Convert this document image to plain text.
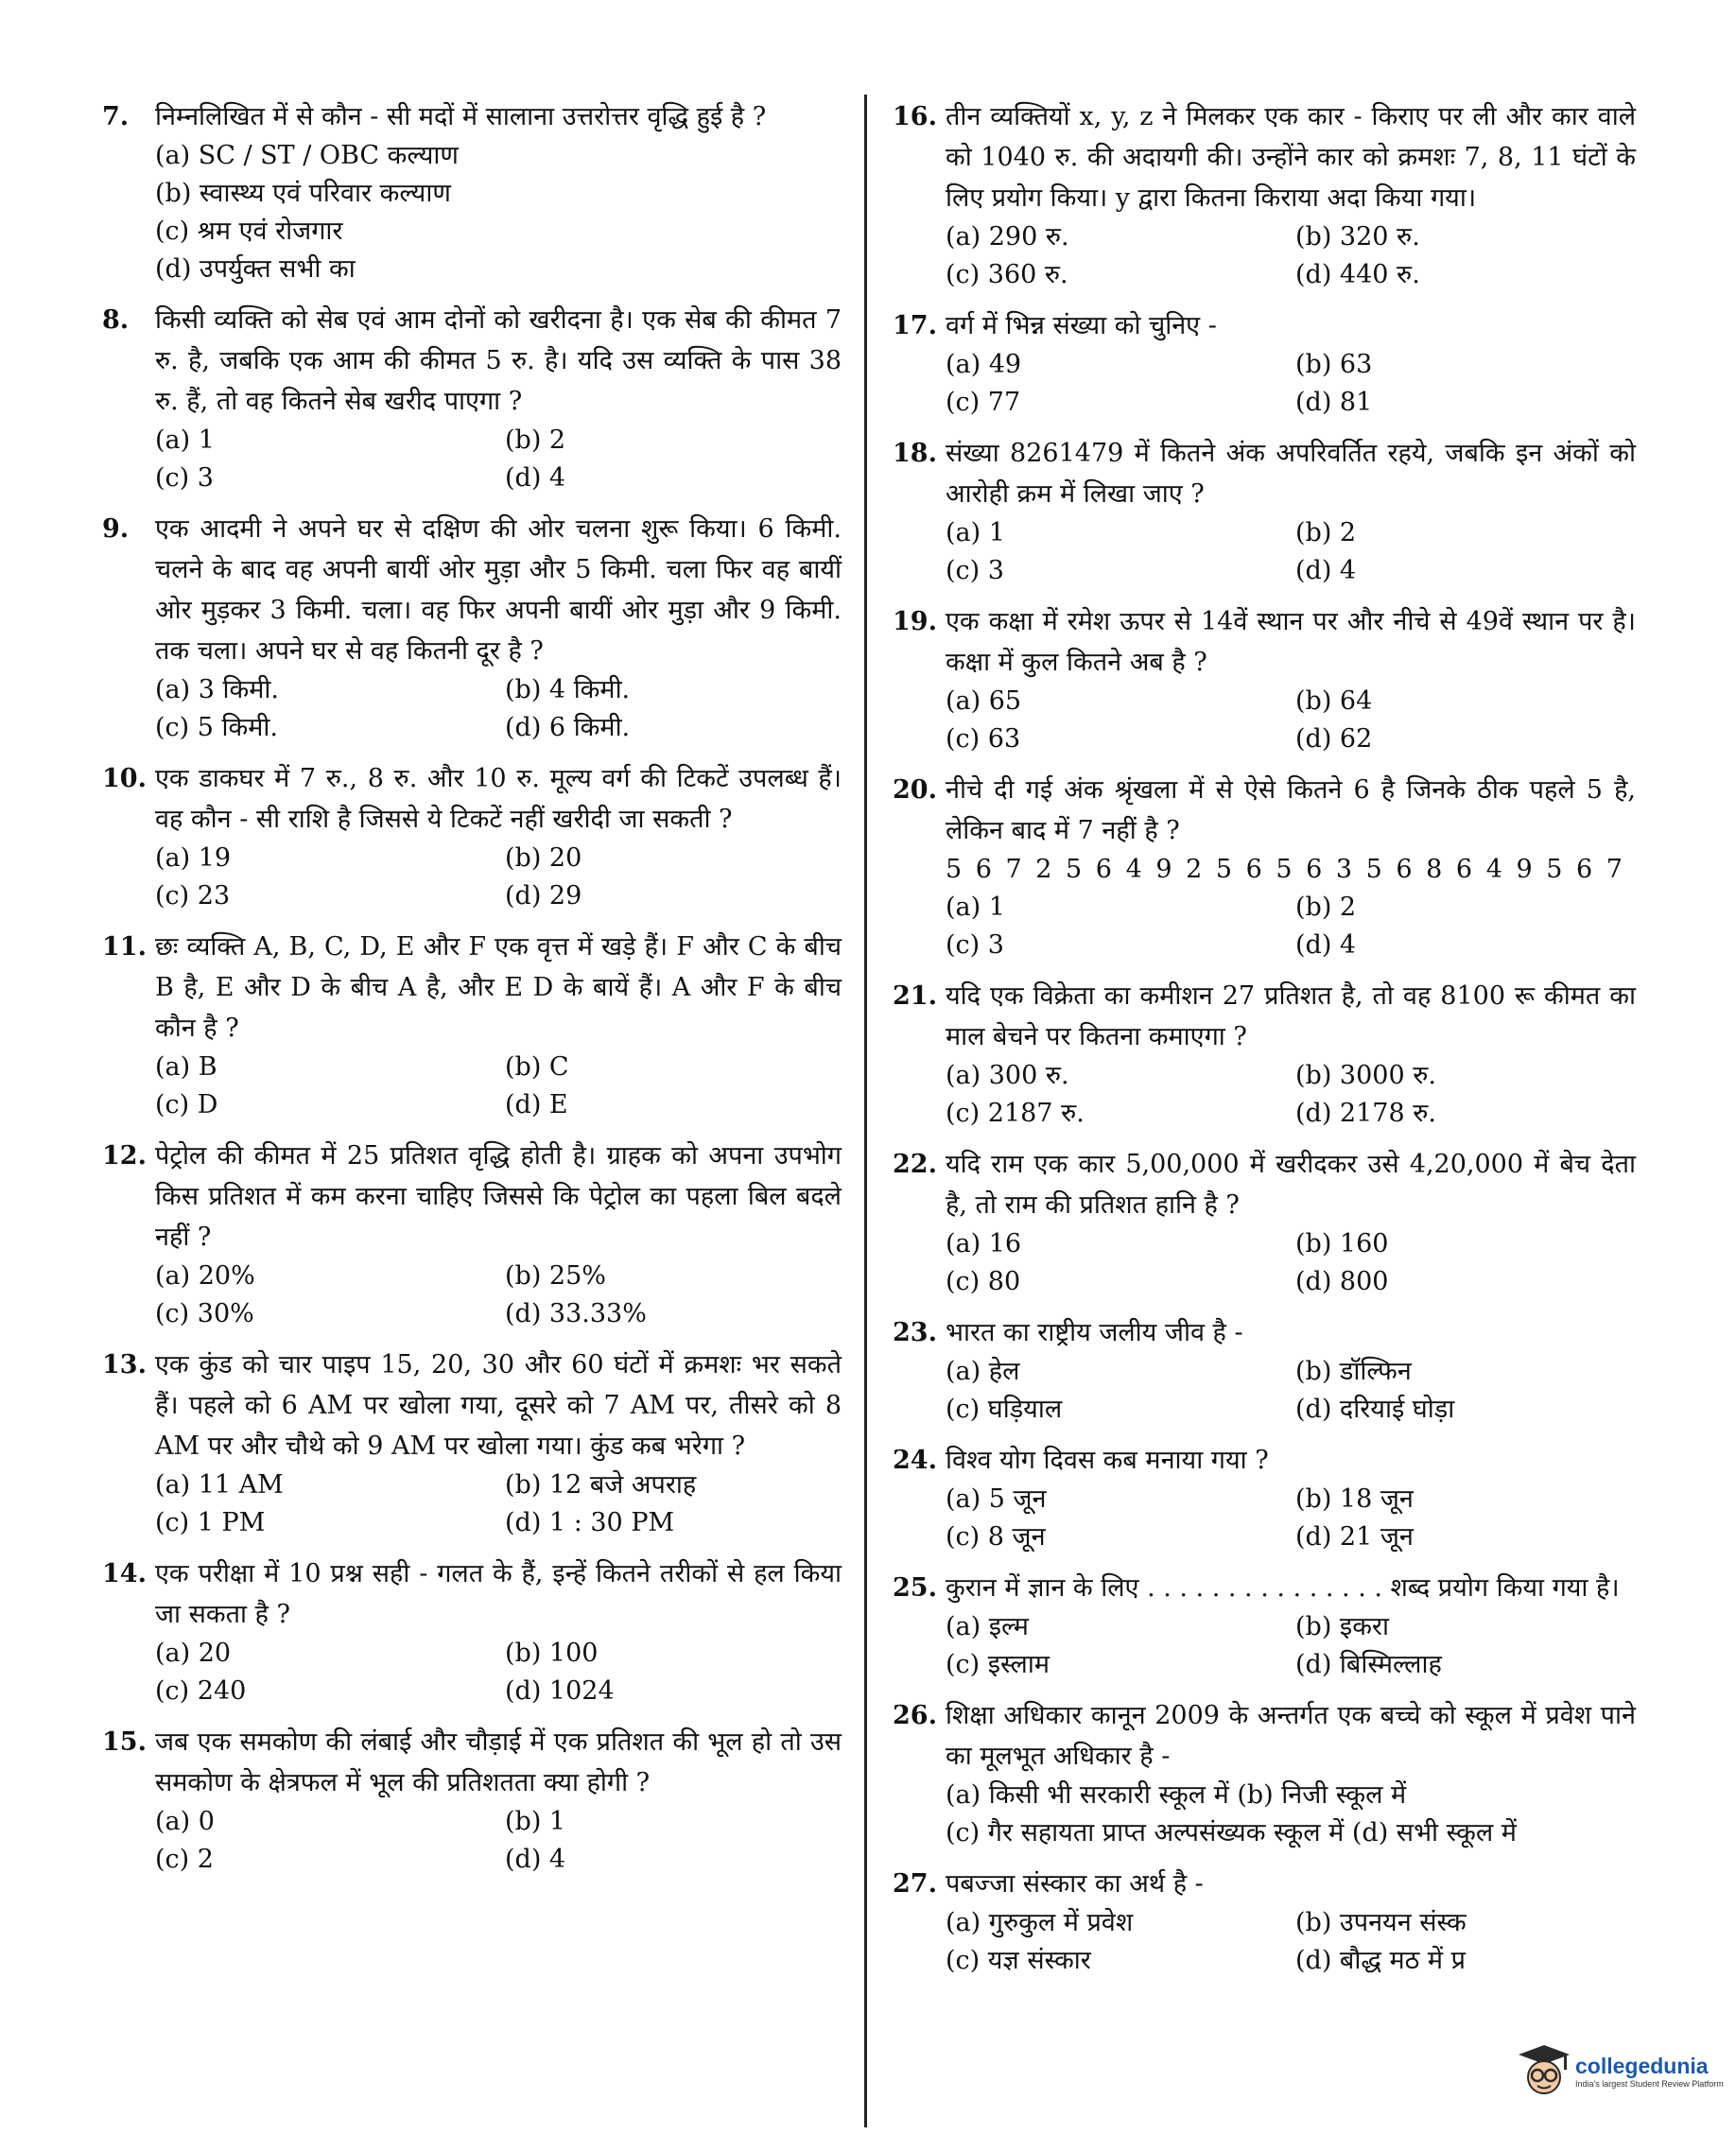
7. निम्नलिखित में से कौन - सी मदों में सालाना उत्तरोत्तर वृद्धि हुई है ?
(a) SC / ST / OBC कल्याण
(b) स्वास्थ्य एवं परिवार कल्याण
(c) श्रम एवं रोजगार
(d) उपर्युक्त सभी का
8. किसी व्यक्ति को सेब एवं आम दोनों को खरीदना है। एक सेब की कीमत 7 रु. है, जबकि एक आम की कीमत 5 रु. है। यदि उस व्यक्ति के पास 38 रु. हैं, तो वह कितने सेब खरीद पाएगा ?
(a) 1	(b) 2
(c) 3	(d) 4
9. एक आदमी ने अपने घर से दक्षिण की ओर चलना शुरू किया। 6 किमी. चलने के बाद वह अपनी बायीं ओर मुड़ा और 5 किमी. चला फिर वह बायीं ओर मुड़कर 3 किमी. चला। वह फिर अपनी बायीं ओर मुड़ा और 9 किमी. तक चला। अपने घर से वह कितनी दूर है ?
(a) 3 किमी.	(b) 4 किमी.
(c) 5 किमी.	(d) 6 किमी.
10. एक डाकघर में 7 रु., 8 रु. और 10 रु. मूल्य वर्ग की टिकटें उपलब्ध हैं। वह कौन - सी राशि है जिससे ये टिकटें नहीं खरीदी जा सकती ?
(a) 19	(b) 20
(c) 23	(d) 29
11. छः व्यक्ति A, B, C, D, E और F एक वृत्त में खड़े हैं। F और C के बीच B है, E और D के बीच A है, और E D के बायें हैं। A और F के बीच कौन है ?
(a) B	(b) C
(c) D	(d) E
12. पेट्रोल की कीमत में 25 प्रतिशत वृद्धि होती है। ग्राहक को अपना उपभोग किस प्रतिशत में कम करना चाहिए जिससे कि पेट्रोल का पहला बिल बदले नहीं ?
(a) 20%	(b) 25%
(c) 30%	(d) 33.33%
13. एक कुंड को चार पाइप 15, 20, 30 और 60 घंटों में क्रमशः भर सकते हैं। पहले को 6 AM पर खोला गया, दूसरे को 7 AM पर, तीसरे को 8 AM पर और चौथे को 9 AM पर खोला गया। कुंड कब भरेगा ?
(a) 11 AM	(b) 12 बजे अपराह
(c) 1 PM	(d) 1 : 30 PM
14. एक परीक्षा में 10 प्रश्न सही - गलत के हैं, इन्हें कितने तरीकों से हल किया जा सकता है ?
(a) 20	(b) 100
(c) 240	(d) 1024
15. जब एक समकोण की लंबाई और चौड़ाई में एक प्रतिशत की भूल हो तो उस समकोण के क्षेत्रफल में भूल की प्रतिशतता क्या होगी ?
(a) 0	(b) 1
(c) 2	(d) 4
16. तीन व्यक्तियों x, y, z ने मिलकर एक कार - किराए पर ली और कार वाले को 1040 रु. की अदायगी की। उन्होंने कार को क्रमशः 7, 8, 11 घंटों के लिए प्रयोग किया। y द्वारा कितना किराया अदा किया गया।
(a) 290 रु.	(b) 320 रु.
(c) 360 रु.	(d) 440 रु.
17. वर्ग में भिन्न संख्या को चुनिए -
(a) 49	(b) 63
(c) 77	(d) 81
18. संख्या 8261479 में कितने अंक अपरिवर्तित रहये, जबकि इन अंकों को आरोही क्रम में लिखा जाए ?
(a) 1	(b) 2
(c) 3	(d) 4
19. एक कक्षा में रमेश ऊपर से 14वें स्थान पर और नीचे से 49वें स्थान पर है। कक्षा में कुल कितने अब है ?
(a) 65	(b) 64
(c) 63	(d) 62
20. नीचे दी गई अंक श्रृंखला में से ऐसे कितने 6 है जिनके ठीक पहले 5 है, लेकिन बाद में 7 नहीं है ?
5 6 7 2 5 6 4 9 2 5 6 5 6 3 5 6 8 6 4 9 5 6 7
(a) 1	(b) 2
(c) 3	(d) 4
21. यदि एक विक्रेता का कमीशन 27 प्रतिशत है, तो वह 8100 रू कीमत का माल बेचने पर कितना कमाएगा ?
(a) 300 रु.	(b) 3000 रु.
(c) 2187 रु.	(d) 2178 रु.
22. यदि राम एक कार 5,00,000 में खरीदकर उसे 4,20,000 में बेच देता है, तो राम की प्रतिशत हानि है ?
(a) 16	(b) 160
(c) 80	(d) 800
23. भारत का राष्ट्रीय जलीय जीव है -
(a) हेल	(b) डॉल्फिन
(c) घड़ियाल	(d) दरियाई घोड़ा
24. विश्व योग दिवस कब मनाया गया ?
(a) 5 जून	(b) 18 जून
(c) 8 जून	(d) 21 जून
25. कुरान में ज्ञान के लिए . . . . . . . . . . . . . . . शब्द प्रयोग किया गया है।
(a) इल्म	(b) इकरा
(c) इस्लाम	(d) बिस्मिल्लाह
26. शिक्षा अधिकार कानून 2009 के अन्तर्गत एक बच्चे को स्कूल में प्रवेश पाने का मूलभूत अधिकार है -
(a) किसी भी सरकारी स्कूल में (b) निजी स्कूल में
(c) गैर सहायता प्राप्त अल्पसंख्यक स्कूल में (d) सभी स्कूल में
27. पबज्जा संस्कार का अर्थ है -
(a) गुरुकुल में प्रवेश	(b) उपनयन संस्क
(c) यज्ञ संस्कार	(d) बौद्ध मठ में प्र
collegedunia
India's largest Student Review Platform
